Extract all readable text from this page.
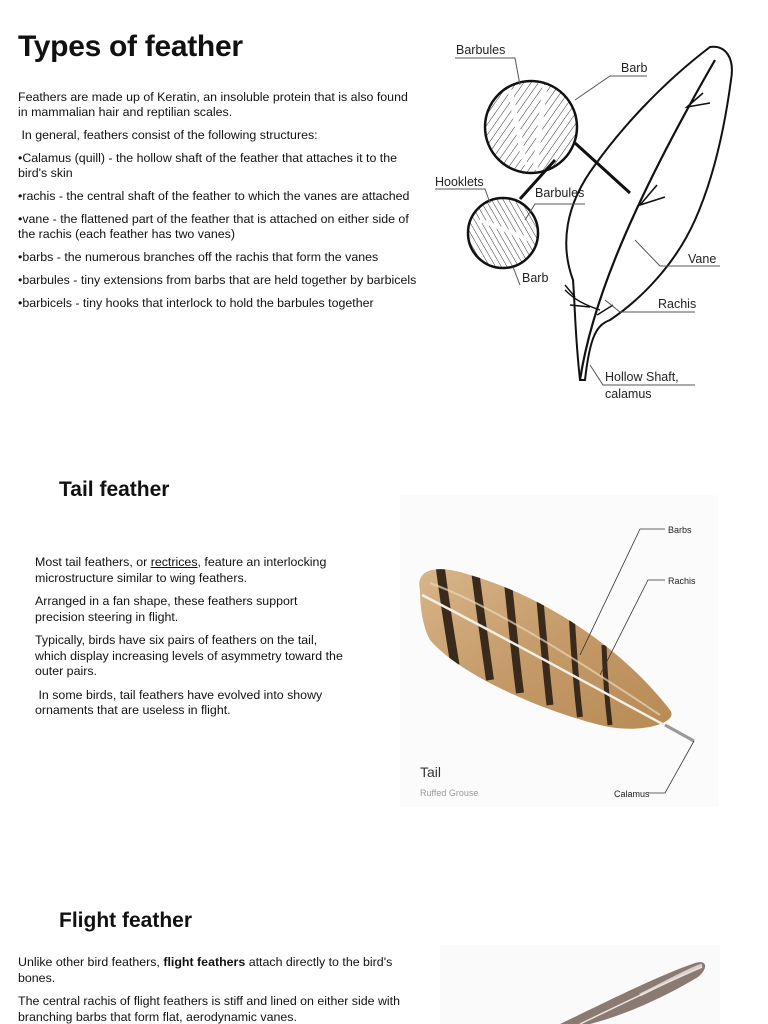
Types of feather

Feathers are made up of Keratin, an insoluble protein that is also found in mammalian hair and reptilian scales.

In general, feathers consist of the following structures:

•Calamus (quill) - the hollow shaft of the feather that attaches it to the bird's skin

•rachis - the central shaft of the feather to which the vanes are attached

•vane - the flattened part of the feather that is attached on either side of the rachis (each feather has two vanes)

•barbs - the numerous branches off the rachis that form the vanes

•barbules - tiny extensions from barbs that are held together by barbicels

•barbicels - tiny hooks that interlock to hold the barbules together

Barbules
Barb
Hooklets
Barbules
Barb
Vane
Rachis
Hollow Shaft,
calamus
Tail feather

Most tail feathers, or rectrices, feature an interlocking microstructure similar to wing feathers.

Arranged in a fan shape, these feathers support precision steering in flight.

Typically, birds have six pairs of feathers on the tail, which display increasing levels of asymmetry toward the outer pairs.

In some birds, tail feathers have evolved into showy ornaments that are useless in flight.

Barbs
Rachis
Calamus
Tail
Ruffed Grouse
Flight feather

Unlike other bird feathers, flight feathers attach directly to the bird's bones.

The central rachis of flight feathers is stiff and lined on either side with branching barbs that form flat, aerodynamic vanes.
